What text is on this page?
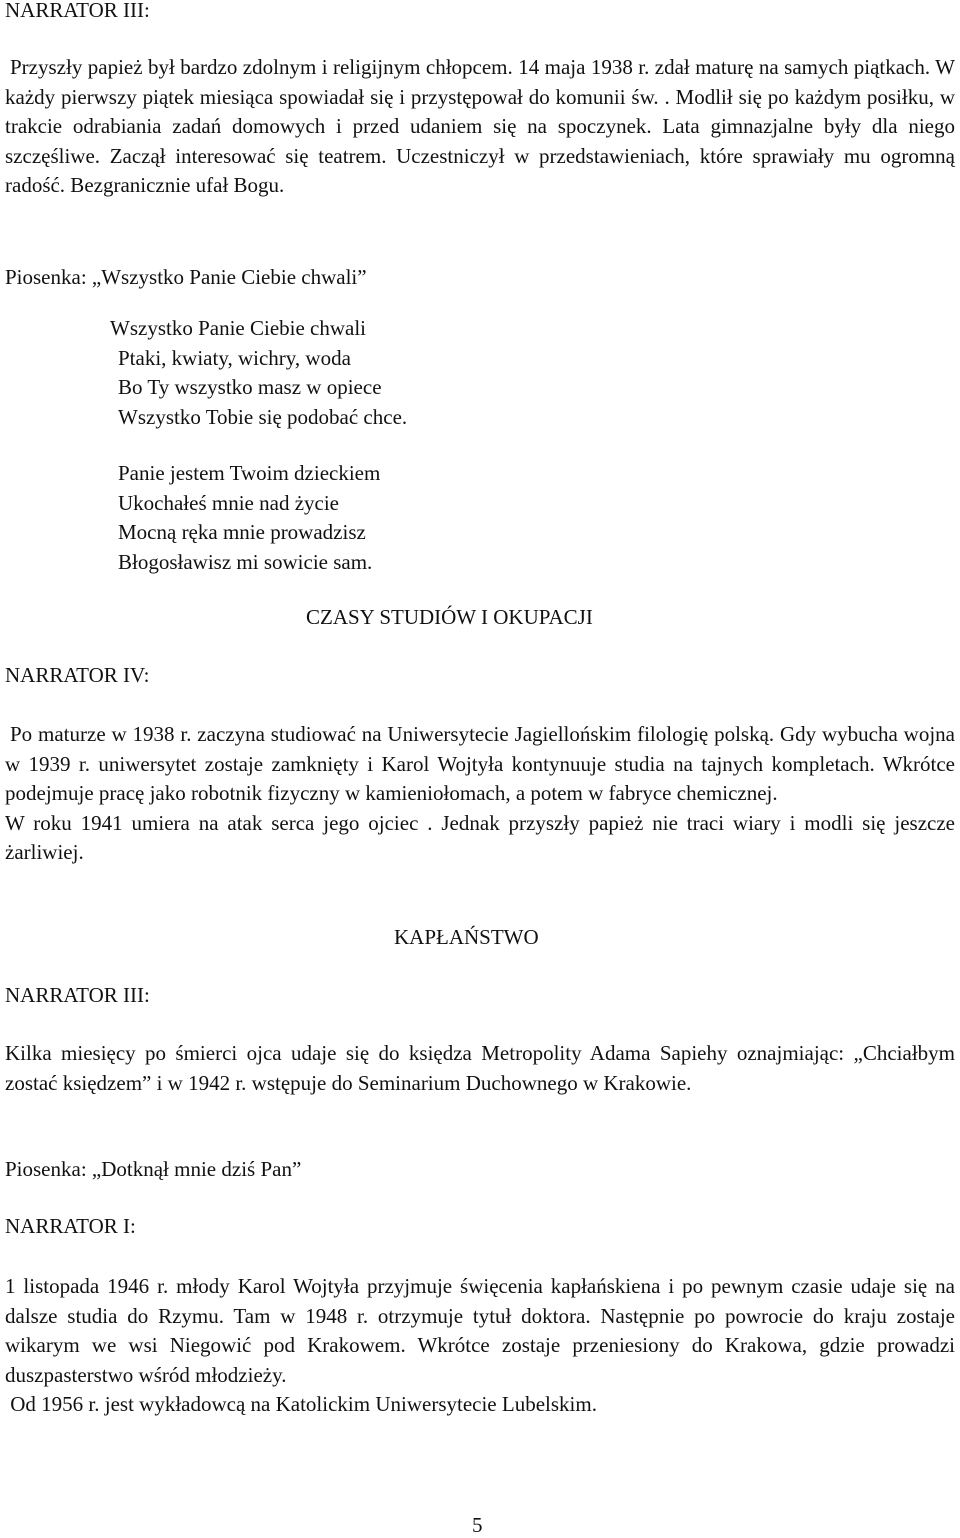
NARRATOR III:
Przyszły papież był bardzo zdolnym i religijnym chłopcem. 14 maja 1938 r. zdał maturę na samych piątkach. W każdy pierwszy piątek miesiąca spowiadał się i przystępował do komunii św. . Modlił się po każdym posiłku, w trakcie odrabiania zadań domowych i przed udaniem się na spoczynek. Lata gimnazjalne były dla niego szczęśliwe. Zaczął interesować się teatrem. Uczestniczył w przedstawieniach, które sprawiały mu ogromną radość. Bezgranicznie ufał Bogu.
Piosenka: „Wszystko Panie Ciebie chwali”
Wszystko Panie Ciebie chwali
Ptaki, kwiaty, wichry, woda
Bo Ty wszystko masz w opiece
Wszystko Tobie się podobać chce.
Panie jestem Twoim dzieckiem
Ukochałeś mnie nad życie
Mocną ręka mnie prowadzisz
Błogosławisz mi sowicie sam.
CZASY STUDIÓW I OKUPACJI
NARRATOR IV:
Po maturze w 1938 r. zaczyna studiować na Uniwersytecie Jagiellońskim filologię polską. Gdy wybucha wojna w 1939 r. uniwersytet zostaje zamknięty i Karol Wojtyła kontynuuje studia na tajnych kompletach. Wkrótce podejmuje pracę jako robotnik fizyczny w kamieniołomach, a potem w fabryce chemicznej.
W roku 1941 umiera na atak serca jego ojciec . Jednak przyszły papież nie traci wiary i modli się jeszcze żarliwiej.
KAPŁAŃSTWO
NARRATOR III:
Kilka miesięcy po śmierci ojca udaje się do księdza Metropolity Adama Sapiehy oznajmiając: „Chciałbym zostać księdzem” i w 1942 r. wstępuje do Seminarium Duchownego w Krakowie.
Piosenka: „Dotknął mnie dziś Pan”
NARRATOR I:
1 listopada 1946 r. młody Karol Wojtyła przyjmuje święcenia kapłańskiena i po pewnym czasie udaje się na dalsze studia do Rzymu. Tam w 1948 r. otrzymuje tytuł doktora. Następnie po powrocie do kraju zostaje wikarym we wsi Niegowić pod Krakowem. Wkrótce zostaje przeniesiony do Krakowa, gdzie prowadzi duszpasterstwo wśród młodzieży.
Od 1956 r. jest wykładowcą na Katolickim Uniwersytecie Lubelskim.
5
